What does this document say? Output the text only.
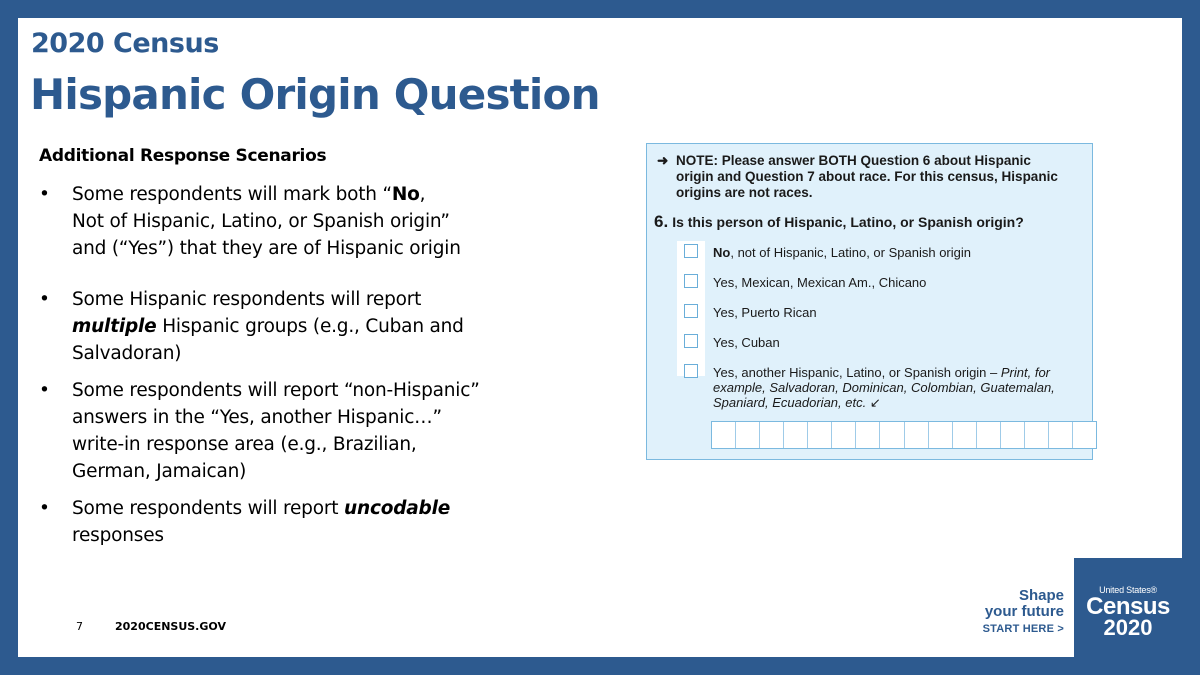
2020 Census
Hispanic Origin Question
Additional Response Scenarios
• Some respondents will mark both “No,
Not of Hispanic, Latino, or Spanish origin”
and (“Yes”) that they are of Hispanic origin
• Some Hispanic respondents will report
multiple Hispanic groups (e.g., Cuban and
Salvadoran)
• Some respondents will report “non-Hispanic”
answers in the “Yes, another Hispanic…”
write-in response area (e.g., Brazilian,
German, Jamaican)
• Some respondents will report uncodable
responses
➜ NOTE: Please answer BOTH Question 6 about Hispanic
origin and Question 7 about race. For this census, Hispanic
origins are not races.
6. Is this person of Hispanic, Latino, or Spanish origin?
No, not of Hispanic, Latino, or Spanish origin
Yes, Mexican, Mexican Am., Chicano
Yes, Puerto Rican
Yes, Cuban
Yes, another Hispanic, Latino, or Spanish origin – Print, for
example, Salvadoran, Dominican, Colombian, Guatemalan,
Spaniard, Ecuadorian, etc. ↙
7	2020CENSUS.GOV
Shape
your future
START HERE >
United States®
Census
2020
